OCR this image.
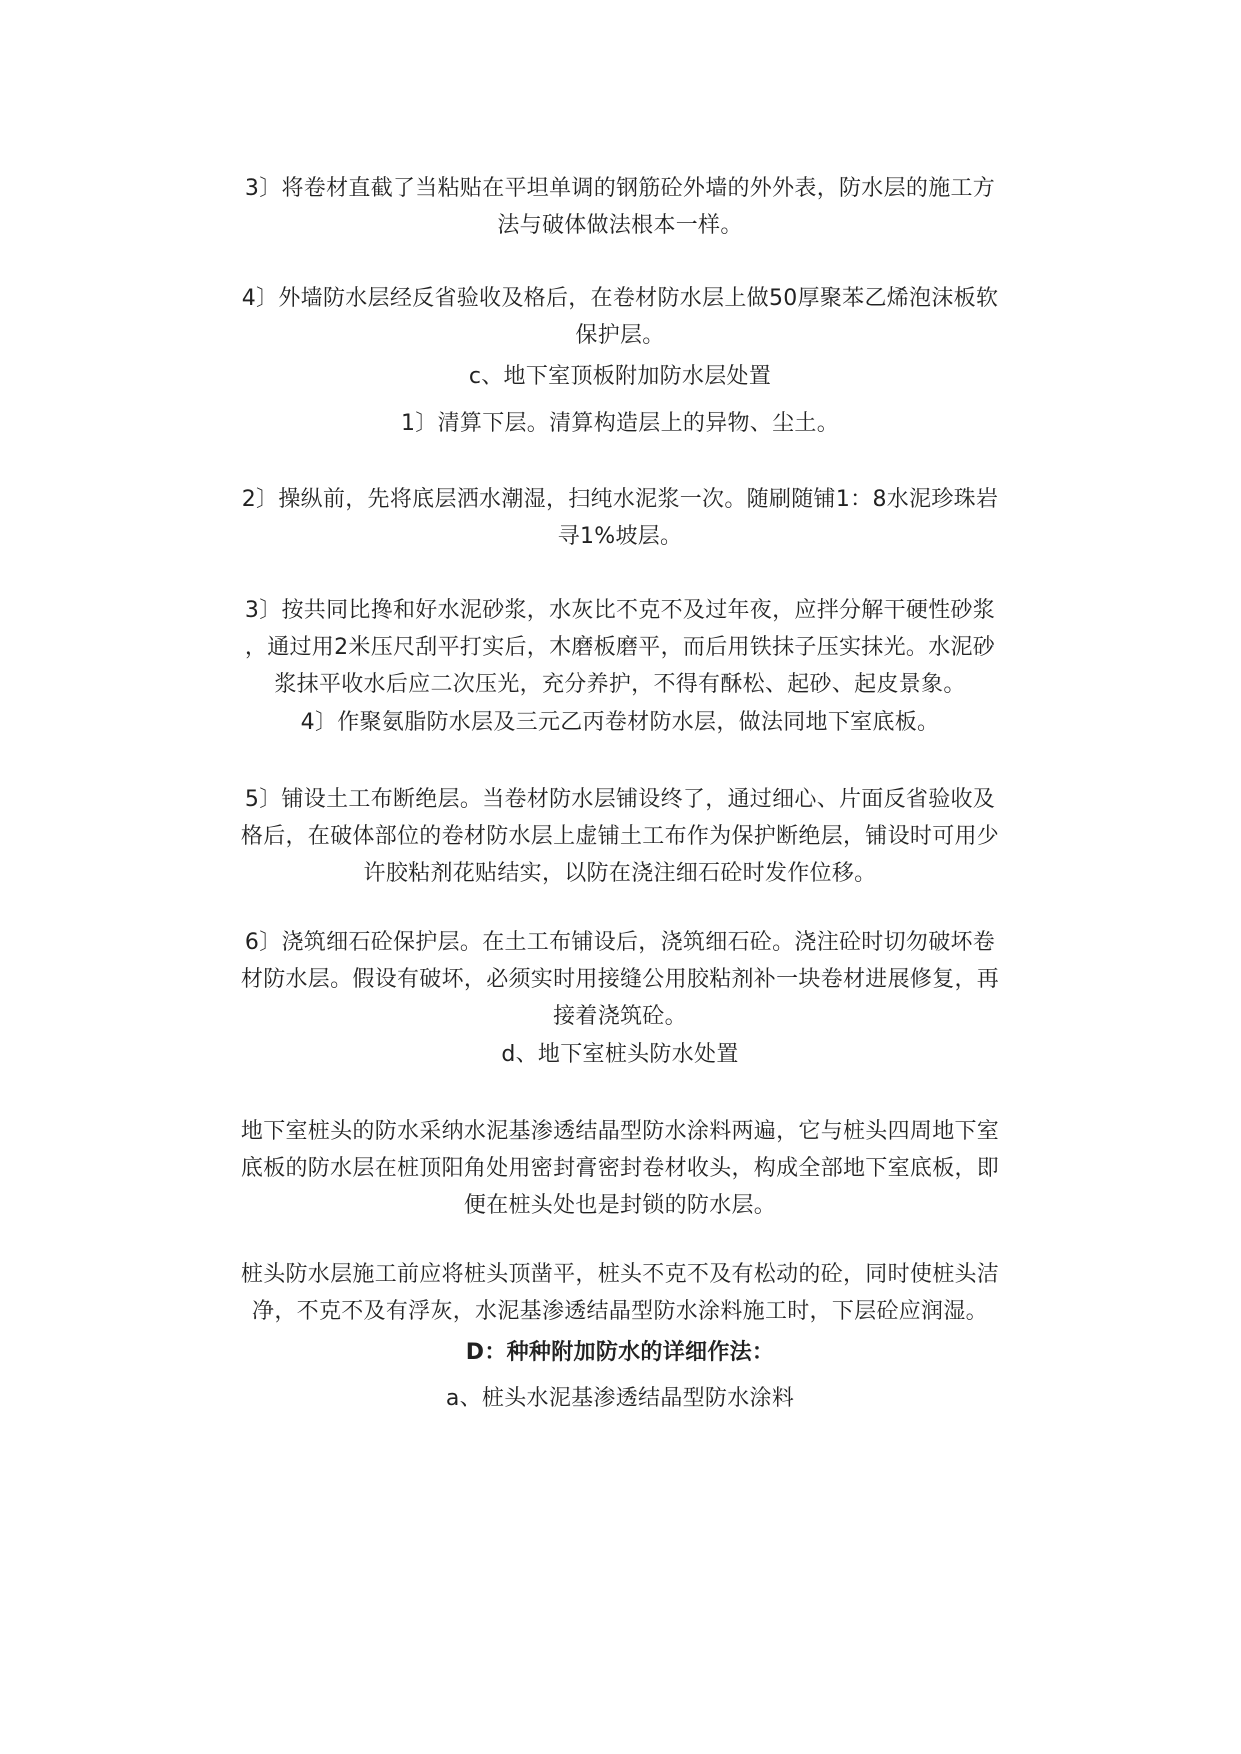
3〕将卷材直截了当粘贴在平坦单调的钢筋砼外墙的外外表，防水层的施工方
法与破体做法根本一样。
4〕外墙防水层经反省验收及格后，在卷材防水层上做50厚聚苯乙烯泡沫板软
保护层。
c、地下室顶板附加防水层处置
1〕清算下层。清算构造层上的异物、尘土。
2〕操纵前，先将底层洒水潮湿，扫纯水泥浆一次。随刷随铺1：8水泥珍珠岩
寻1%坡层。
3〕按共同比搀和好水泥砂浆，水灰比不克不及过年夜，应拌分解干硬性砂浆
，通过用2米压尺刮平打实后，木磨板磨平，而后用铁抹子压实抹光。水泥砂
浆抹平收水后应二次压光，充分养护，不得有酥松、起砂、起皮景象。
4〕作聚氨脂防水层及三元乙丙卷材防水层，做法同地下室底板。
5〕铺设土工布断绝层。当卷材防水层铺设终了，通过细心、片面反省验收及
格后，在破体部位的卷材防水层上虚铺土工布作为保护断绝层，铺设时可用少
许胶粘剂花贴结实，以防在浇注细石砼时发作位移。
6〕浇筑细石砼保护层。在土工布铺设后，浇筑细石砼。浇注砼时切勿破坏卷
材防水层。假设有破坏，必须实时用接缝公用胶粘剂补一块卷材进展修复，再
接着浇筑砼。
d、地下室桩头防水处置
地下室桩头的防水采纳水泥基渗透结晶型防水涂料两遍，它与桩头四周地下室
底板的防水层在桩顶阳角处用密封膏密封卷材收头，构成全部地下室底板，即
便在桩头处也是封锁的防水层。
桩头防水层施工前应将桩头顶凿平，桩头不克不及有松动的砼，同时使桩头洁
净，不克不及有浮灰，水泥基渗透结晶型防水涂料施工时，下层砼应润湿。
D：种种附加防水的详细作法：
a、桩头水泥基渗透结晶型防水涂料
